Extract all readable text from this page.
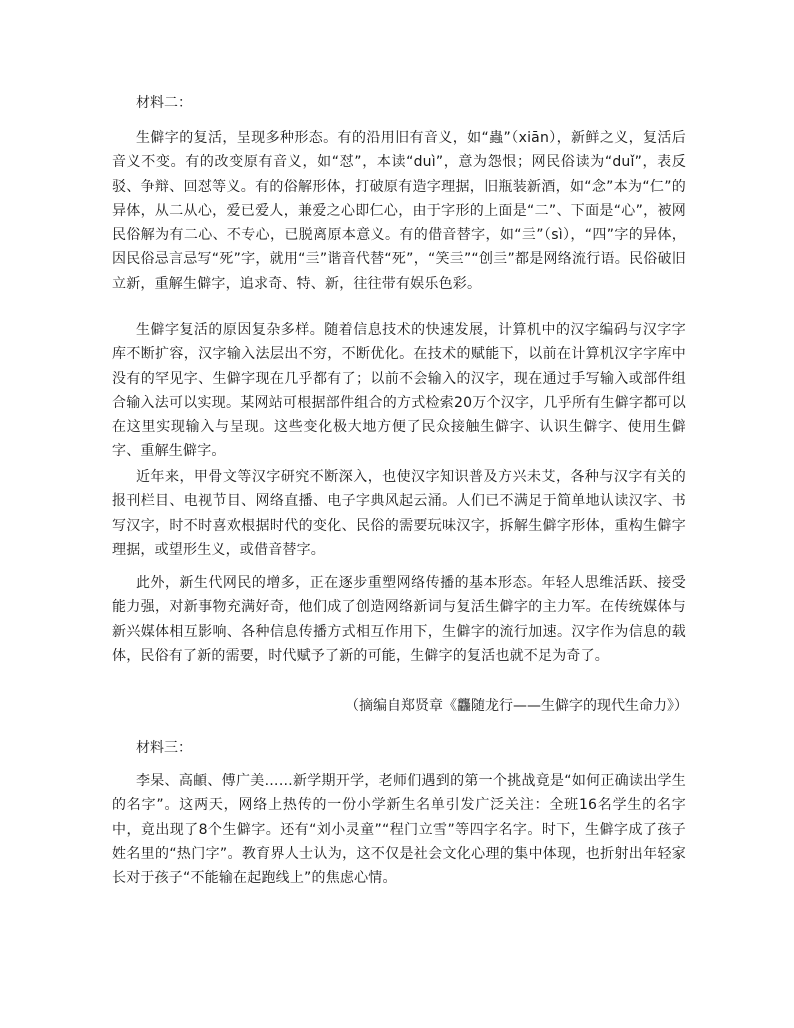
材料二：

生僻字的复活，呈现多种形态。有的沿用旧有音义，如“蟲”（xiān），新鲜之义，复活后音义不变。有的改变原有音义，如“怼”，本读“duì”，意为怨恨；网民俗读为“duǐ”，表反驳、争辩、回怼等义。有的俗解形体，打破原有造字理据，旧瓶装新酒，如“念”本为“仁”的异体，从二从心，爱已爱人，兼爱之心即仁心，由于字形的上面是“二”、下面是“心”，被网民俗解为有二心、不专心，已脱离原本意义。有的借音替字，如“亖”（sì），“四”字的异体，因民俗忌言忌写“死”字，就用“亖”谐音代替“死”，“笑亖”“创亖”都是网络流行语。民俗破旧立新，重解生僻字，追求奇、特、新，往往带有娱乐色彩。

生僻字复活的原因复杂多样。随着信息技术的快速发展，计算机中的汉字编码与汉字字库不断扩容，汉字输入法层出不穷，不断优化。在技术的赋能下，以前在计算机汉字字库中没有的罕见字、生僻字现在几乎都有了；以前不会输入的汉字，现在通过手写输入或部件组合输入法可以实现。某网站可根据部件组合的方式检索20万个汉字，几乎所有生僻字都可以在这里实现输入与呈现。这些变化极大地方便了民众接触生僻字、认识生僻字、使用生僻字、重解生僻字。

近年来，甲骨文等汉字研究不断深入，也使汉字知识普及方兴未艾，各种与汉字有关的报刊栏目、电视节目、网络直播、电子字典风起云涌。人们已不满足于简单地认读汉字、书写汉字，时不时喜欢根据时代的变化、民俗的需要玩味汉字，拆解生僻字形体，重构生僻字理据，或望形生义，或借音替字。

此外，新生代网民的增多，正在逐步重塑网络传播的基本形态。年轻人思维活跃、接受能力强，对新事物充满好奇，他们成了创造网络新词与复活生僻字的主力军。在传统媒体与新兴媒体相互影响、各种信息传播方式相互作用下，生僻字的流行加速。汉字作为信息的载体，民俗有了新的需要，时代赋予了新的可能，生僻字的复活也就不足为奇了。

（摘编自郑贤章《龘随龙行——生僻字的现代生命力》）
材料三：

李杲、高頔、傅广美……新学期开学，老师们遇到的第一个挑战竟是“如何正确读出学生的名字”。这两天，网络上热传的一份小学新生名单引发广泛关注：全班16名学生的名字中，竟出现了8个生僻字。还有“刘小灵童”“程门立雪”等四字名字。时下，生僻字成了孩子姓名里的“热门字”。教育界人士认为，这不仅是社会文化心理的集中体现，也折射出年轻家长对于孩子“不能输在起跑线上”的焦虑心情。
